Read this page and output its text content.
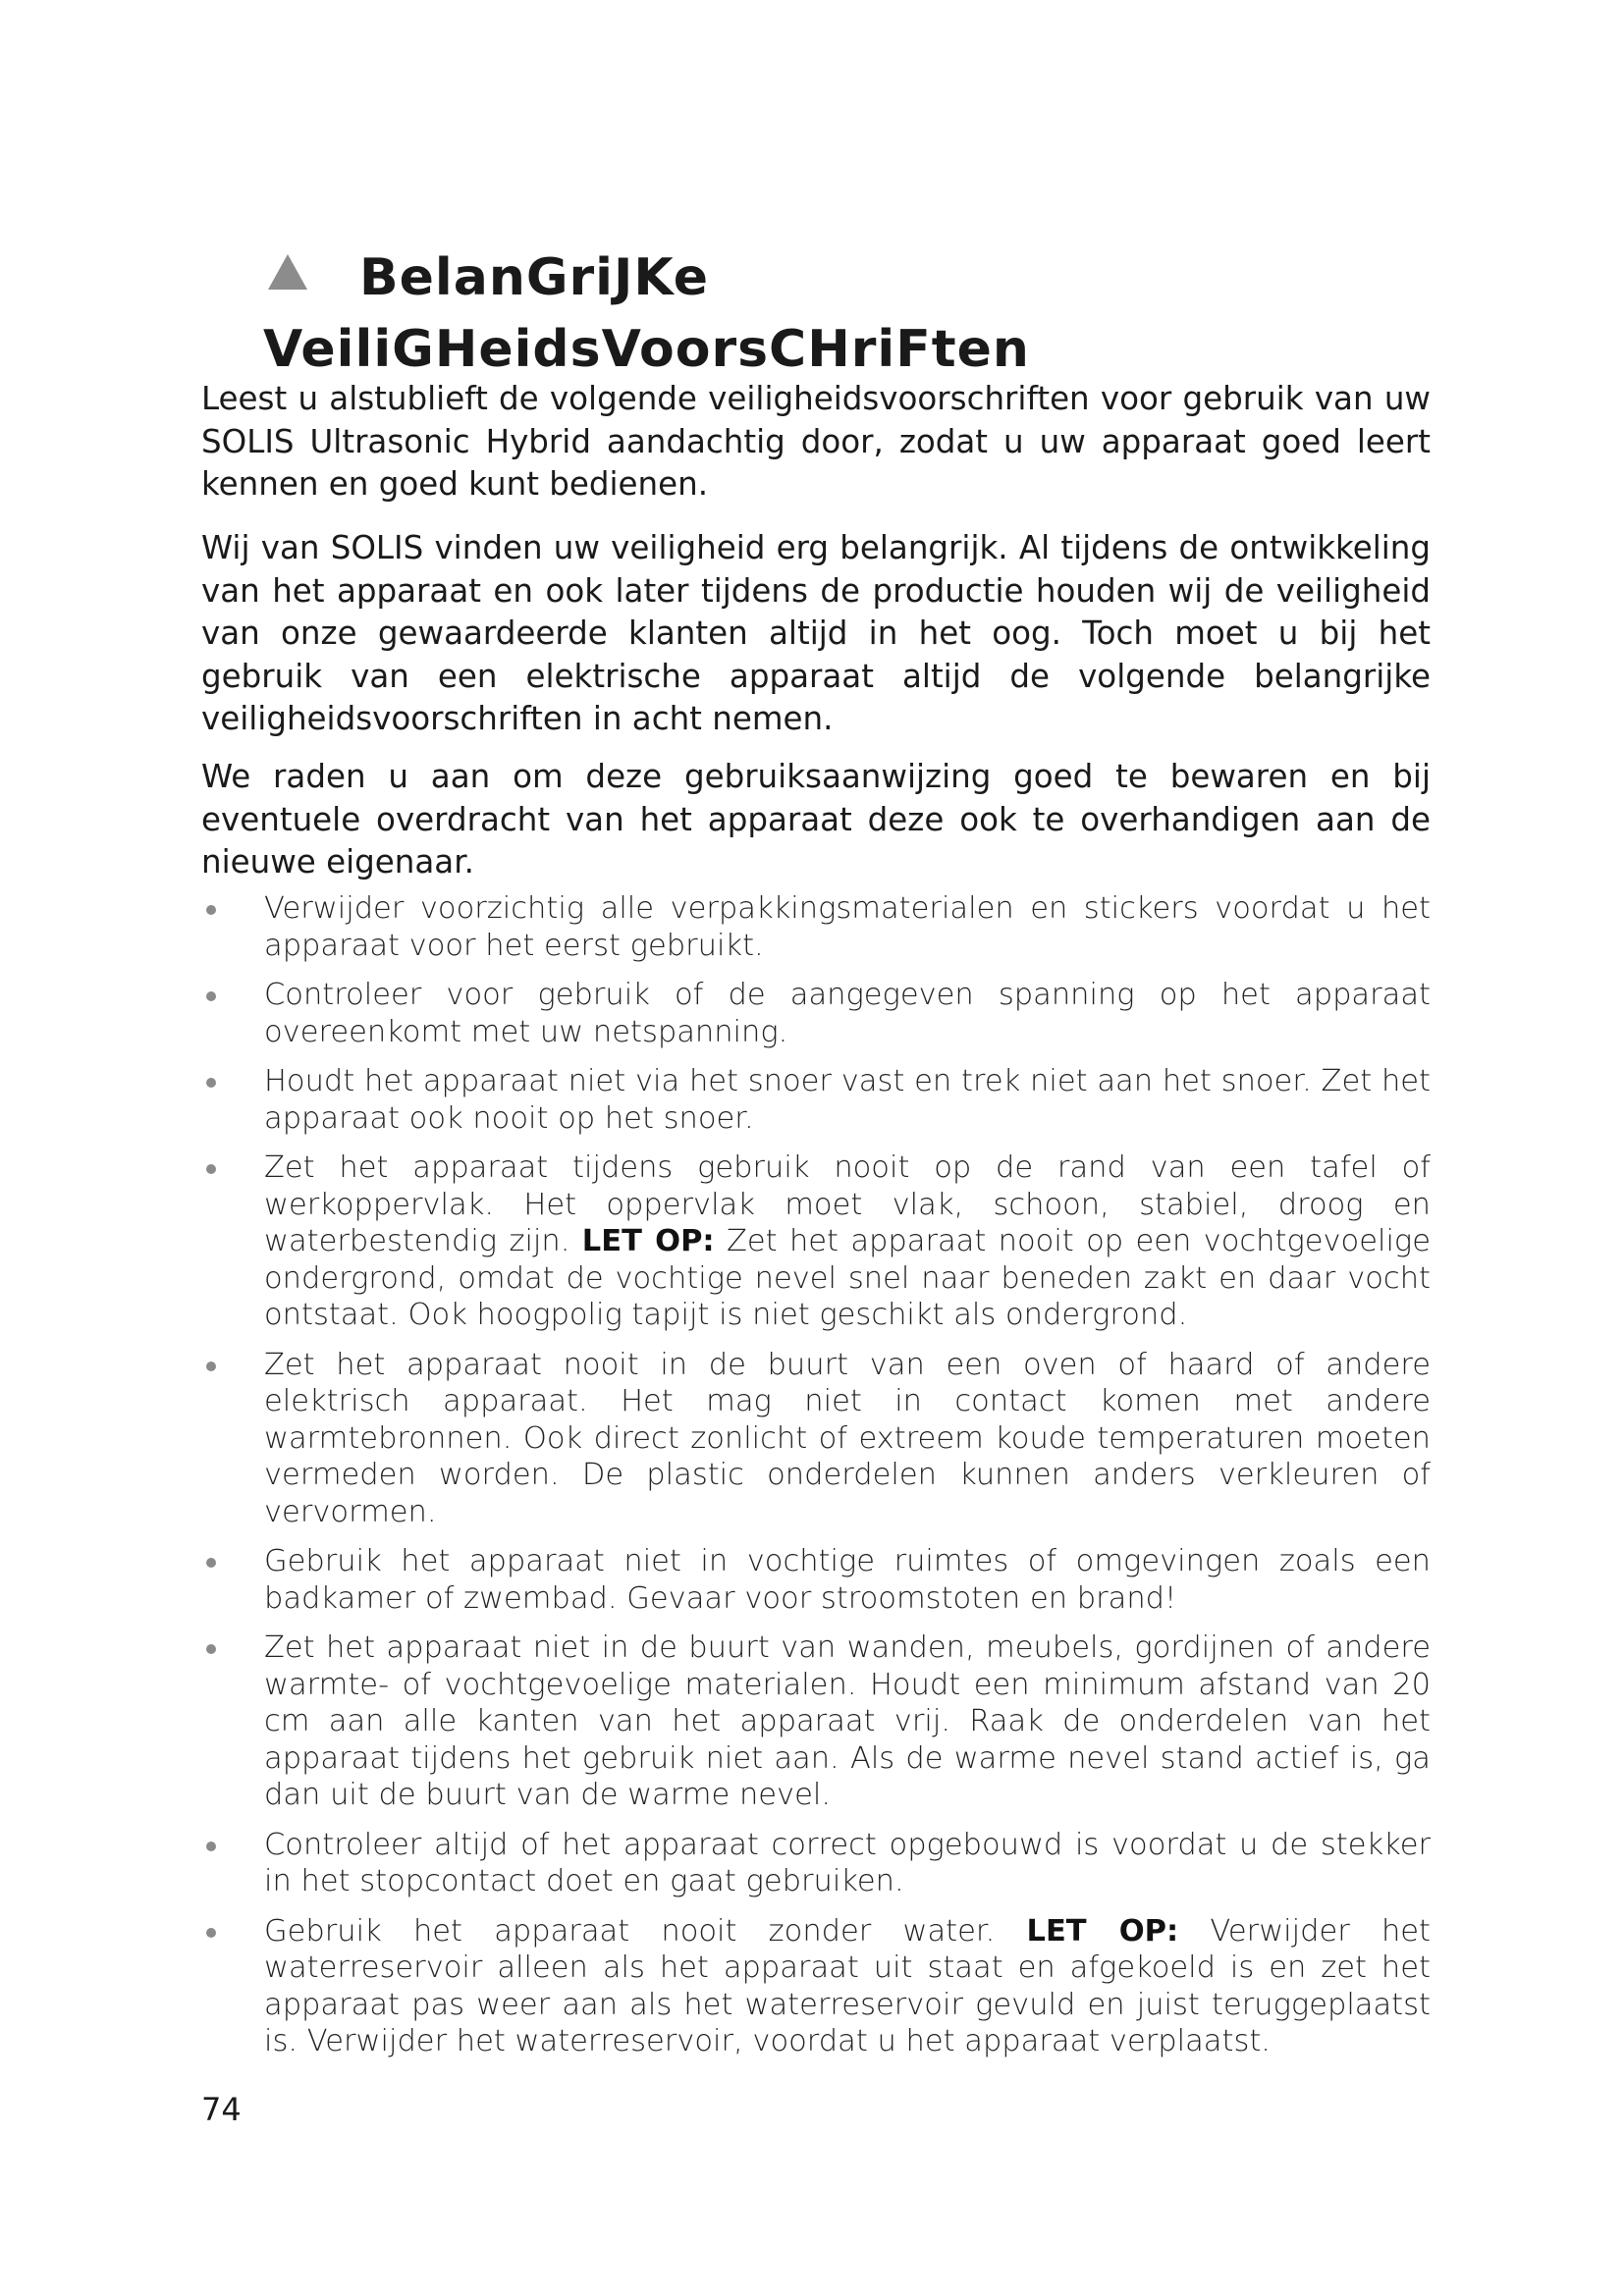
BelanGriJKe
VeiliGHeidsVoorsCHriFten

Leest u alstublieft de volgende veiligheidsvoorschriften voor gebruik van uw SOLIS Ultrasonic Hybrid aandachtig door, zodat u uw apparaat goed leert kennen en goed kunt bedienen.

Wij van SOLIS vinden uw veiligheid erg belangrijk. Al tijdens de ontwikkeling van het apparaat en ook later tijdens de productie houden wij de veiligheid van onze gewaardeerde klanten altijd in het oog. Toch moet u bij het gebruik van een elektrische apparaat altijd de volgende belangrijke veiligheidsvoorschriften in acht nemen.

We raden u aan om deze gebruiksaanwijzing goed te bewaren en bij eventuele overdracht van het apparaat deze ook te overhandigen aan de nieuwe eigenaar.

Verwijder voorzichtig alle verpakkingsmaterialen en stickers voordat u het apparaat voor het eerst gebruikt.
Controleer voor gebruik of de aangegeven spanning op het apparaat overeenkomt met uw netspanning.
Houdt het apparaat niet via het snoer vast en trek niet aan het snoer. Zet het apparaat ook nooit op het snoer.
Zet het apparaat tijdens gebruik nooit op de rand van een tafel of werkoppervlak. Het oppervlak moet vlak, schoon, stabiel, droog en waterbestendig zijn. LET OP: Zet het apparaat nooit op een vochtgevoelige ondergrond, omdat de vochtige nevel snel naar beneden zakt en daar vocht ontstaat. Ook hoogpolig tapijt is niet geschikt als ondergrond.
Zet het apparaat nooit in de buurt van een oven of haard of andere elektrisch apparaat. Het mag niet in contact komen met andere warmtebronnen. Ook direct zonlicht of extreem koude temperaturen moeten vermeden worden. De plastic onderdelen kunnen anders verkleuren of vervormen.
Gebruik het apparaat niet in vochtige ruimtes of omgevingen zoals een badkamer of zwembad. Gevaar voor stroomstoten en brand!
Zet het apparaat niet in de buurt van wanden, meubels, gordijnen of andere warmte- of vochtgevoelige materialen. Houdt een minimum afstand van 20 cm aan alle kanten van het apparaat vrij. Raak de onderdelen van het apparaat tijdens het gebruik niet aan. Als de warme nevel stand actief is, ga dan uit de buurt van de warme nevel.
Controleer altijd of het apparaat correct opgebouwd is voordat u de stekker in het stopcontact doet en gaat gebruiken.
Gebruik het apparaat nooit zonder water. LET OP: Verwijder het waterreservoir alleen als het apparaat uit staat en afgekoeld is en zet het apparaat pas weer aan als het waterreservoir gevuld en juist teruggeplaatst is. Verwijder het waterreservoir, voordat u het apparaat verplaatst.
74
